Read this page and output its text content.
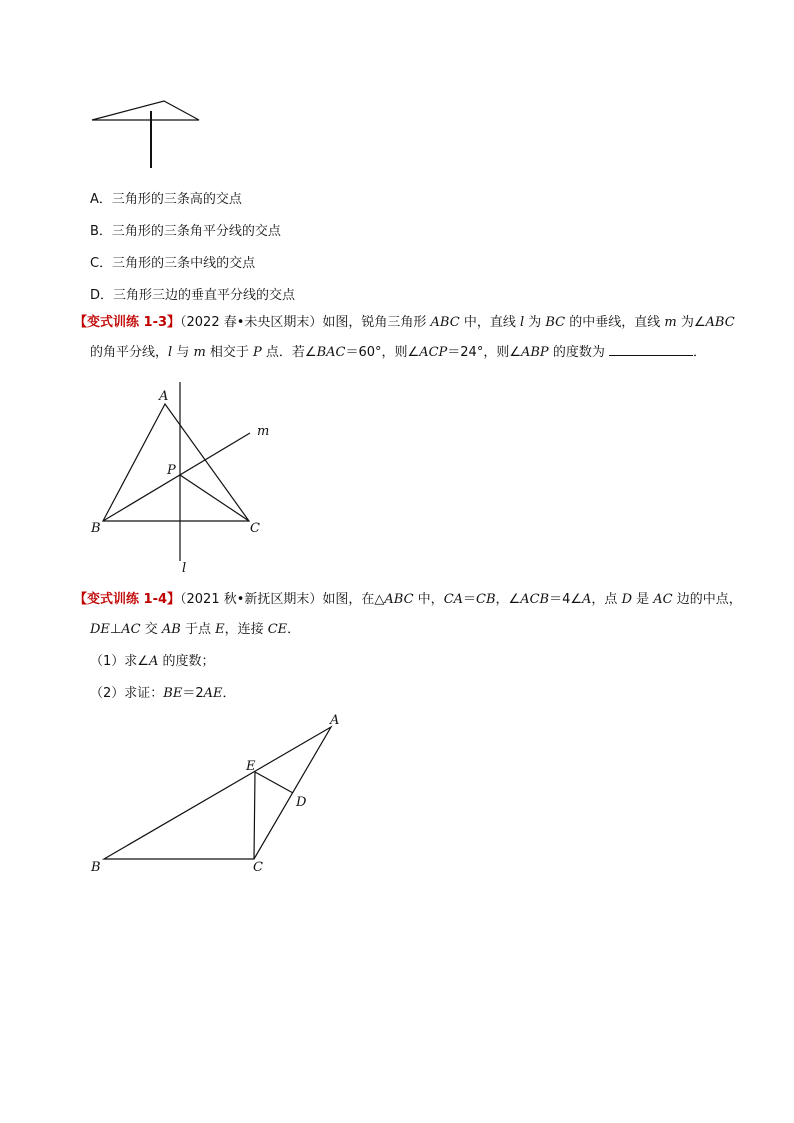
A
B	C
P
m
l
A
B	C
D
E
A．三角形的三条高的交点
B．三角形的三条角平分线的交点
C．三角形的三条中线的交点
D．三角形三边的垂直平分线的交点
【变式训练 1-3】（2022 春•未央区期末）如图，锐角三角形 ABC 中，直线 l 为 BC 的中垂线，直线 m 为∠ABC
的角平分线，l 与 m 相交于 P 点．若∠BAC＝60°，则∠ACP＝24°，则∠ABP 的度数为	．
【变式训练 1-4】（2021 秋•新抚区期末）如图，在△ABC 中，CA＝CB，∠ACB＝4∠A，点 D 是 AC 边的中点，
DE⊥AC 交 AB 于点 E，连接 CE．
（1）求∠A 的度数；
（2）求证：BE＝2AE．
